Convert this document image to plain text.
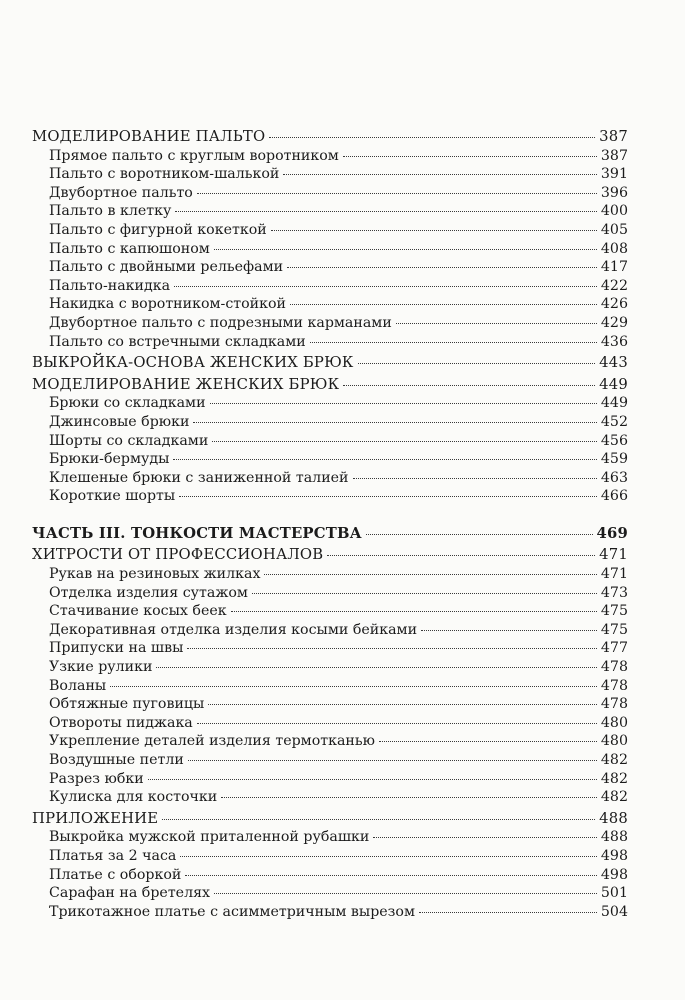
МОДЕЛИРОВАНИЕ ПАЛЬТО	387
Прямое пальто с круглым воротником	387
Пальто с воротником-шалькой	391
Двубортное пальто	396
Пальто в клетку	400
Пальто с фигурной кокеткой	405
Пальто с капюшоном	408
Пальто с двойными рельефами	417
Пальто-накидка	422
Накидка с воротником-стойкой	426
Двубортное пальто с подрезными карманами	429
Пальто со встречными складками	436
ВЫКРОЙКА-ОСНОВА ЖЕНСКИХ БРЮК	443
МОДЕЛИРОВАНИЕ ЖЕНСКИХ БРЮК	449
Брюки со складками	449
Джинсовые брюки	452
Шорты со складками	456
Брюки-бермуды	459
Клешеные брюки с заниженной талией	463
Короткие шорты	466
ЧАСТЬ III. ТОНКОСТИ МАСТЕРСТВА	469
ХИТРОСТИ ОТ ПРОФЕССИОНАЛОВ	471
Рукав на резиновых жилках	471
Отделка изделия сутажом	473
Стачивание косых беек	475
Декоративная отделка изделия косыми бейками	475
Припуски на швы	477
Узкие рулики	478
Воланы	478
Обтяжные пуговицы	478
Отвороты пиджака	480
Укрепление деталей изделия термотканью	480
Воздушные петли	482
Разрез юбки	482
Кулиска для косточки	482
ПРИЛОЖЕНИЕ	488
Выкройка мужской приталенной рубашки	488
Платья за 2 часа	498
Платье с оборкой	498
Сарафан на бретелях	501
Трикотажное платье с асимметричным вырезом	504
